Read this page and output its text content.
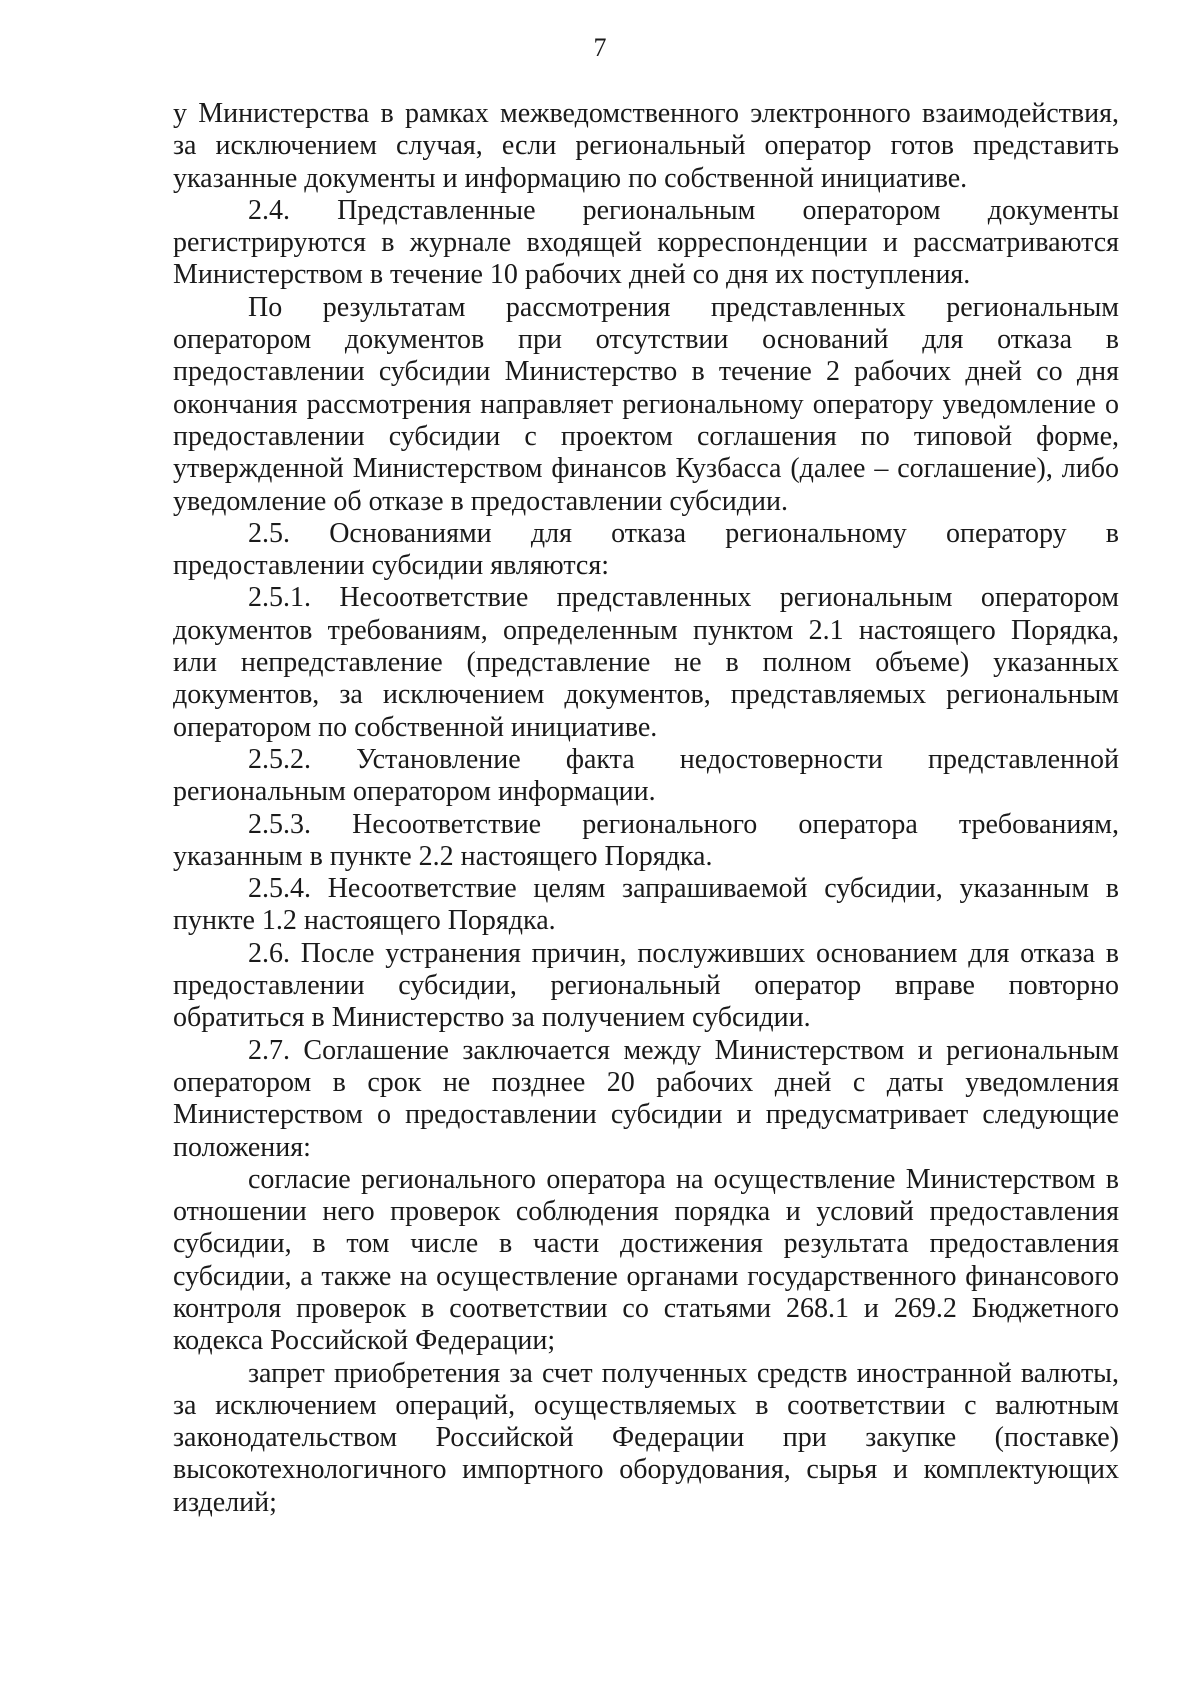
7

у Министерства в рамках межведомственного электронного взаимодействия, за исключением случая, если региональный оператор готов представить указанные документы и информацию по собственной инициативе.

2.4. Представленные региональным оператором документы регистрируются в журнале входящей корреспонденции и рассматриваются Министерством в течение 10 рабочих дней со дня их поступления.

По результатам рассмотрения представленных региональным оператором документов при отсутствии оснований для отказа в предоставлении субсидии Министерство в течение 2 рабочих дней со дня окончания рассмотрения направляет региональному оператору уведомление о предоставлении субсидии с проектом соглашения по типовой форме, утвержденной Министерством финансов Кузбасса (далее – соглашение), либо уведомление об отказе в предоставлении субсидии.

2.5. Основаниями для отказа региональному оператору в предоставлении субсидии являются:

2.5.1. Несоответствие представленных региональным оператором документов требованиям, определенным пунктом 2.1 настоящего Порядка, или непредставление (представление не в полном объеме) указанных документов, за исключением документов, представляемых региональным оператором по собственной инициативе.

2.5.2. Установление факта недостоверности представленной региональным оператором информации.

2.5.3. Несоответствие регионального оператора требованиям, указанным в пункте 2.2 настоящего Порядка.

2.5.4. Несоответствие целям запрашиваемой субсидии, указанным в пункте 1.2 настоящего Порядка.

2.6. После устранения причин, послуживших основанием для отказа в предоставлении субсидии, региональный оператор вправе повторно обратиться в Министерство за получением субсидии.

2.7. Соглашение заключается между Министерством и региональным оператором в срок не позднее 20 рабочих дней с даты уведомления Министерством о предоставлении субсидии и предусматривает следующие положения:

согласие регионального оператора на осуществление Министерством в отношении него проверок соблюдения порядка и условий предоставления субсидии, в том числе в части достижения результата предоставления субсидии, а также на осуществление органами государственного финансового контроля проверок в соответствии со статьями 268.1 и 269.2 Бюджетного кодекса Российской Федерации;

запрет приобретения за счет полученных средств иностранной валюты, за исключением операций, осуществляемых в соответствии с валютным законодательством Российской Федерации при закупке (поставке) высокотехнологичного импортного оборудования, сырья и комплектующих изделий;
